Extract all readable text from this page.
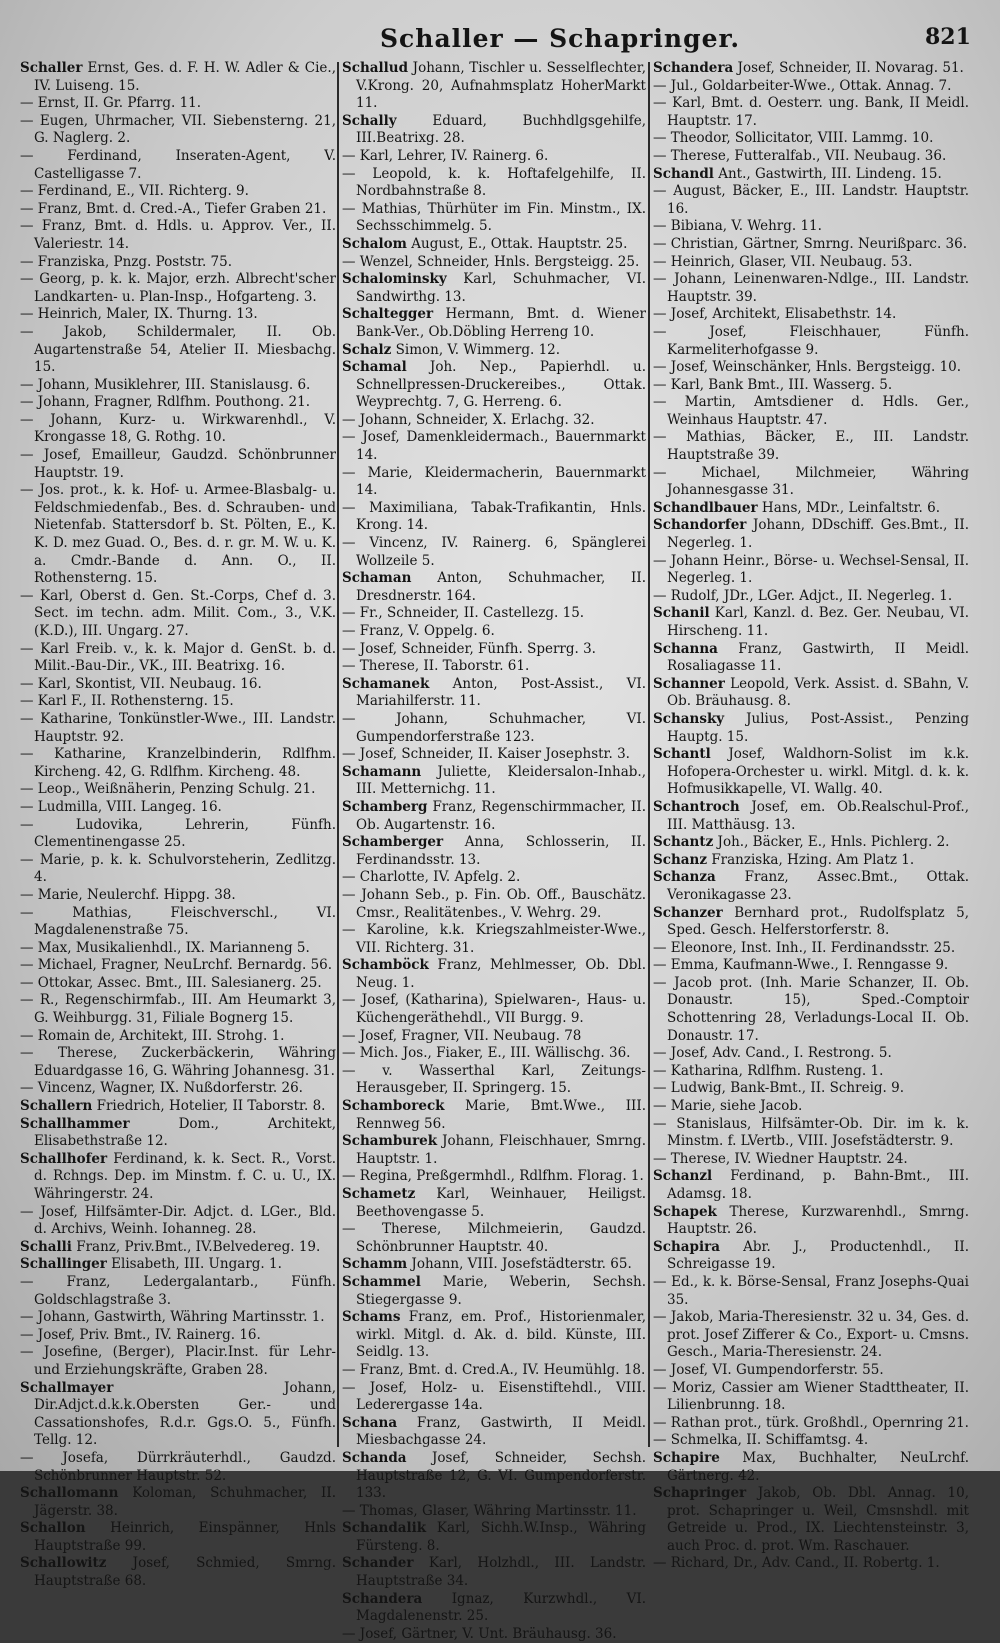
Schaller — Schapringer.	821
Schaller Ernst, Ges. d. F. H. W. Adler & Cie., IV. Luiseng. 15.
— Ernst, II. Gr. Pfarrg. 11.
— Eugen, Uhrmacher, VII. Siebensterng. 21, G. Naglerg. 2.
— Ferdinand, Inseraten-Agent, V. Castelligasse 7.
— Ferdinand, E., VII. Richterg. 9.
— Franz, Bmt. d. Cred.-A., Tiefer Graben 21.
— Franz, Bmt. d. Hdls. u. Approv. Ver., II. Valeriestr. 14.
— Franziska, Pnzg. Poststr. 75.
— Georg, p. k. k. Major, erzh. Albrecht'scher Landkarten- u. Plan-Insp., Hofgarteng. 3.
— Heinrich, Maler, IX. Thurng. 13.
— Jakob, Schildermaler, II. Ob. Augartenstraße 54, Atelier II. Miesbachg. 15.
— Johann, Musiklehrer, III. Stanislausg. 6.
— Johann, Fragner, Rdlfhm. Pouthong. 21.
— Johann, Kurz- u. Wirkwarenhdl., V. Krongasse 18, G. Rothg. 10.
— Josef, Emailleur, Gaudzd. Schönbrunner Hauptstr. 19.
— Jos. prot., k. k. Hof- u. Armee-Blasbalg- u. Feldschmiedenfab., Bes. d. Schrauben- und Nietenfab. Stattersdorf b. St. Pölten, E., K. K. D. mez Guad. O., Bes. d. r. gr. M. W. u. K. a. Cmdr.-Bande d. Ann. O., II. Rothensterng. 15.
— Karl, Oberst d. Gen. St.-Corps, Chef d. 3. Sect. im techn. adm. Milit. Com., 3., V.K. (K.D.), III. Ungarg. 27.
— Karl Freib. v., k. k. Major d. GenSt. b. d. Milit.-Bau-Dir., VK., III. Beatrixg. 16.
— Karl, Skontist, VII. Neubaug. 16.
— Karl F., II. Rothensterng. 15.
— Katharine, Tonkünstler-Wwe., III. Landstr. Hauptstr. 92.
— Katharine, Kranzelbinderin, Rdlfhm. Kircheng. 42, G. Rdlfhm. Kircheng. 48.
— Leop., Weißnäherin, Penzing Schulg. 21.
— Ludmilla, VIII. Langeg. 16.
— Ludovika, Lehrerin, Fünfh. Clementinengasse 25.
— Marie, p. k. k. Schulvorsteherin, Zedlitzg. 4.
— Marie, Neulerchf. Hippg. 38.
— Mathias, Fleischverschl., VI. Magdalenenstraße 75.
— Max, Musikalienhdl., IX. Marianneng 5.
— Michael, Fragner, NeuLrchf. Bernardg. 56.
— Ottokar, Assec. Bmt., III. Salesianerg. 25.
— R., Regenschirmfab., III. Am Heumarkt 3, G. Weihburgg. 31, Filiale Bognerg 15.
— Romain de, Architekt, III. Strohg. 1.
— Therese, Zuckerbäckerin, Währing Eduardgasse 16, G. Währing Johannesg. 31.
— Vincenz, Wagner, IX. Nußdorferstr. 26.
Schallern Friedrich, Hotelier, II Taborstr. 8.
Schallhammer	Dom., Architekt, Elisabethstraße 12.
Schallhofer Ferdinand, k. k. Sect. R., Vorst. d. Rchngs. Dep. im Minstm. f. C. u. U., IX. Währingerstr. 24.
— Josef, Hilfsämter-Dir. Adjct. d. LGer., Bld. d. Archivs, Weinh. Iohanneg. 28.
Schalli Franz, Priv.Bmt., IV.Belvedereg. 19.
Schallinger Elisabeth, III. Ungarg. 1.
— Franz, Ledergalantarb., Fünfh. Goldschlagstraße 3.
— Johann, Gastwirth, Währing Martinsstr. 1.
— Josef, Priv. Bmt., IV. Rainerg. 16.
— Josefine, (Berger), Placir.Inst. für Lehr- und Erziehungskräfte, Graben 28.
Schallmayer	Johann, Dir.Adjct.d.k.k.Obersten Ger.- und Cassationshofes, R.d.r. Ggs.O. 5., Fünfh. Tellg. 12.
— Josefa, Dürrkräuterhdl., Gaudzd. Schönbrunner Hauptstr. 52.
Schallomann Koloman, Schuhmacher, II. Jägerstr. 38.
Schallon Heinrich, Einspänner, Hnls Hauptstraße 99.
Schallowitz Josef, Schmied, Smrng. Hauptstraße 68.
Schallud Johann, Tischler u. Sesselflechter, V.Krong. 20, Aufnahmsplatz HoherMarkt 11.
Schally	Eduard, Buchhdlgsgehilfe, III.Beatrixg. 28.
— Karl, Lehrer, IV. Rainerg. 6.
— Leopold, k. k. Hoftafelgehilfe, II. Nordbahnstraße 8.
— Mathias, Thürhüter im Fin. Minstm., IX. Sechsschimmelg. 5.
Schalom August, E., Ottak. Hauptstr. 25.
— Wenzel, Schneider, Hnls. Bergsteigg. 25.
Schalominsky Karl, Schuhmacher, VI. Sandwirthg. 13.
Schaltegger Hermann, Bmt. d. Wiener Bank-Ver., Ob.Döbling Herreng 10.
Schalz Simon, V. Wimmerg. 12.
Schamal Joh. Nep., Papierhdl. u. Schnellpressen-Druckereibes., Ottak. Weyprechtg. 7, G. Herreng. 6.
— Johann, Schneider, X. Erlachg. 32.
— Josef, Damenkleidermach., Bauernmarkt 14.
— Marie, Kleidermacherin, Bauernmarkt 14.
— Maximiliana, Tabak-Trafikantin, Hnls. Krong. 14.
— Vincenz, IV. Rainerg. 6, Spänglerei Wollzeile 5.
Schaman Anton, Schuhmacher, II. Dresdnerstr. 164.
— Fr., Schneider, II. Castellezg. 15.
— Franz, V. Oppelg. 6.
— Josef, Schneider, Fünfh. Sperrg. 3.
— Therese, II. Taborstr. 61.
Schamanek Anton, Post-Assist., VI. Mariahilferstr. 11.
— Johann, Schuhmacher, VI. Gumpendorferstraße 123.
— Josef, Schneider, II. Kaiser Josephstr. 3.
Schamann Juliette, Kleidersalon-Inhab., III. Metternichg. 11.
Schamberg Franz, Regenschirmmacher, II. Ob. Augartenstr. 16.
Schamberger Anna, Schlosserin, II. Ferdinandsstr. 13.
— Charlotte, IV. Apfelg. 2.
— Johann Seb., p. Fin. Ob. Off., Bauschätz. Cmsr., Realitätenbes., V. Wehrg. 29.
— Karoline, k.k. Kriegszahlmeister-Wwe., VII. Richterg. 31.
Schamböck Franz, Mehlmesser, Ob. Dbl. Neug. 1.
— Josef, (Katharina), Spielwaren-, Haus- u. Küchengeräthehdl., VII Burgg. 9.
— Josef, Fragner, VII. Neubaug. 78
— Mich. Jos., Fiaker, E., III. Wällischg. 36.
— v. Wasserthal Karl, Zeitungs-Herausgeber, II. Springerg. 15.
Schamboreck Marie, Bmt.Wwe., III. Rennweg 56.
Schamburek Johann, Fleischhauer, Smrng. Hauptstr. 1.
— Regina, Preßgermhdl., Rdlfhm. Florag. 1.
Schametz Karl, Weinhauer, Heiligst. Beethovengasse 5.
— Therese, Milchmeierin, Gaudzd. Schönbrunner Hauptstr. 40.
Schamm Johann, VIII. Josefstädterstr. 65.
Schammel Marie, Weberin, Sechsh. Stiegergasse 9.
Schams Franz, em. Prof., Historienmaler, wirkl. Mitgl. d. Ak. d. bild. Künste, III. Seidlg. 13.
— Franz, Bmt. d. Cred.A., IV. Heumühlg. 18.
— Josef, Holz- u. Eisenstiftehdl., VIII. Lederergasse 14a.
Schana Franz, Gastwirth, II Meidl. Miesbachgasse 24.
Schanda Josef, Schneider, Sechsh. Hauptstraße 12, G. VI. Gumpendorferstr. 133.
— Thomas, Glaser, Währing Martinsstr. 11.
Schandalik Karl, Sichh.W.Insp., Währing Fürsteng. 8.
Schander Karl, Holzhdl., III. Landstr. Hauptstraße 34.
Schandera Ignaz, Kurzwhdl., VI. Magdalenenstr. 25.
— Josef, Gärtner, V. Unt. Bräuhausg. 36.
Schandera Josef, Schneider, II. Novarag. 51.
— Jul., Goldarbeiter-Wwe., Ottak. Annag. 7.
— Karl, Bmt. d. Oesterr. ung. Bank, II Meidl. Hauptstr. 17.
— Theodor, Sollicitator, VIII. Lammg. 10.
— Therese, Futteralfab., VII. Neubaug. 36.
Schandl Ant., Gastwirth, III. Lindeng. 15.
— August, Bäcker, E., III. Landstr. Hauptstr. 16.
— Bibiana, V. Wehrg. 11.
— Christian, Gärtner, Smrng. Neurißparc. 36.
— Heinrich, Glaser, VII. Neubaug. 53.
— Johann, Leinenwaren-Ndlge., III. Landstr. Hauptstr. 39.
— Josef, Architekt, Elisabethstr. 14.
— Josef, Fleischhauer, Fünfh. Karmeliterhofgasse 9.
— Josef, Weinschänker, Hnls. Bergsteigg. 10.
— Karl, Bank Bmt., III. Wasserg. 5.
— Martin, Amtsdiener d. Hdls. Ger., Weinhaus Hauptstr. 47.
— Mathias, Bäcker, E., III. Landstr. Hauptstraße 39.
— Michael, Milchmeier, Währing Johannesgasse 31.
Schandlbauer Hans, MDr., Leinfaltstr. 6.
Schandorfer Johann, DDschiff. Ges.Bmt., II. Negerleg. 1.
— Johann Heinr., Börse- u. Wechsel-Sensal, II. Negerleg. 1.
— Rudolf, JDr., LGer. Adjct., II. Negerleg. 1.
Schanil Karl, Kanzl. d. Bez. Ger. Neubau, VI. Hirscheng. 11.
Schanna Franz, Gastwirth, II Meidl. Rosaliagasse 11.
Schanner Leopold, Verk. Assist. d. SBahn, V. Ob. Bräuhausg. 8.
Schansky Julius, Post-Assist., Penzing Hauptg. 15.
Schantl Josef, Waldhorn-Solist im k.k. Hofopera-Orchester u. wirkl. Mitgl. d. k. k. Hofmusikkapelle, VI. Wallg. 40.
Schantroch Josef, em. Ob.Realschul-Prof., III. Matthäusg. 13.
Schantz Joh., Bäcker, E., Hnls. Pichlerg. 2.
Schanz Franziska, Hzing. Am Platz 1.
Schanza Franz, Assec.Bmt., Ottak. Veronikagasse 23.
Schanzer Bernhard prot., Rudolfsplatz 5, Sped. Gesch. Helferstorferstr. 8.
— Eleonore, Inst. Inh., II. Ferdinandsstr. 25.
— Emma, Kaufmann-Wwe., I. Renngasse 9.
— Jacob prot. (Inh. Marie Schanzer, II. Ob. Donaustr. 15), Sped.-Comptoir Schottenring 28, Verladungs-Local II. Ob. Donaustr. 17.
— Josef, Adv. Cand., I. Restrong. 5.
— Katharina, Rdlfhm. Rusteng. 1.
— Ludwig, Bank-Bmt., II. Schreig. 9.
— Marie, siehe Jacob.
— Stanislaus, Hilfsämter-Ob. Dir. im k. k. Minstm. f. LVertb., VIII. Josefstädterstr. 9.
— Therese, IV. Wiedner Hauptstr. 24.
Schanzl Ferdinand, p. Bahn-Bmt., III. Adamsg. 18.
Schapek Therese, Kurzwarenhdl., Smrng. Hauptstr. 26.
Schapira Abr. J., Productenhdl., II. Schreigasse 19.
— Ed., k. k. Börse-Sensal, Franz Josephs-Quai 35.
— Jakob, Maria-Theresienstr. 32 u. 34, Ges. d. prot. Josef Zifferer & Co., Export- u. Cmsns. Gesch., Maria-Theresienstr. 24.
— Josef, VI. Gumpendorferstr. 55.
— Moriz, Cassier am Wiener Stadttheater, II. Lilienbrunng. 18.
— Rathan prot., türk. Großhdl., Opernring 21.
— Schmelka, II. Schiffamtsg. 4.
Schapire Max, Buchhalter, NeuLrchf. Gärtnerg. 42.
Schapringer Jakob, Ob. Dbl. Annag. 10, prot. Schapringer u. Weil, Cmsnshdl. mit Getreide u. Prod., IX. Liechtensteinstr. 3, auch Proc. d. prot. Wm. Raschauer.
— Richard, Dr., Adv. Cand., II. Robertg. 1.
